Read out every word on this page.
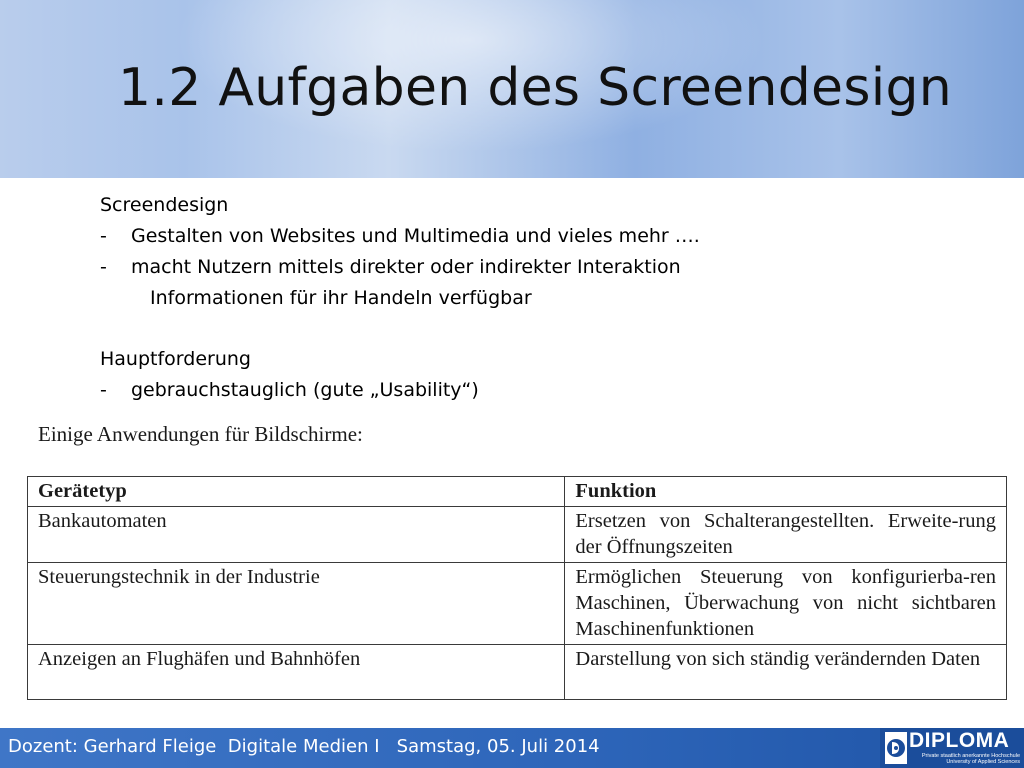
1.2 Aufgaben des Screendesign
Screendesign
-	Gestalten von Websites und Multimedia und vieles mehr ….
-	macht Nutzern mittels direkter oder indirekter Interaktion
Informationen für ihr Handeln verfügbar
Hauptforderung
-	gebrauchstauglich (gute „Usability“)
Einige Anwendungen für Bildschirme:
Gerätetyp	Funktion
Bankautomaten	Ersetzen von Schalterangestellten. Erweite-rung der Öffnungszeiten
Steuerungstechnik in der Industrie	Ermöglichen Steuerung von konfigurierba-ren Maschinen, Überwachung von nicht sichtbaren Maschinenfunktionen
Anzeigen an Flughäfen und Bahnhöfen	Darstellung von sich ständig verändernden Daten
Dozent: Gerhard Fleige  Digitale Medien I   Samstag, 05. Juli 2014	DIPLOMA
Private staatlich anerkannte Hochschule
University of Applied Sciences
